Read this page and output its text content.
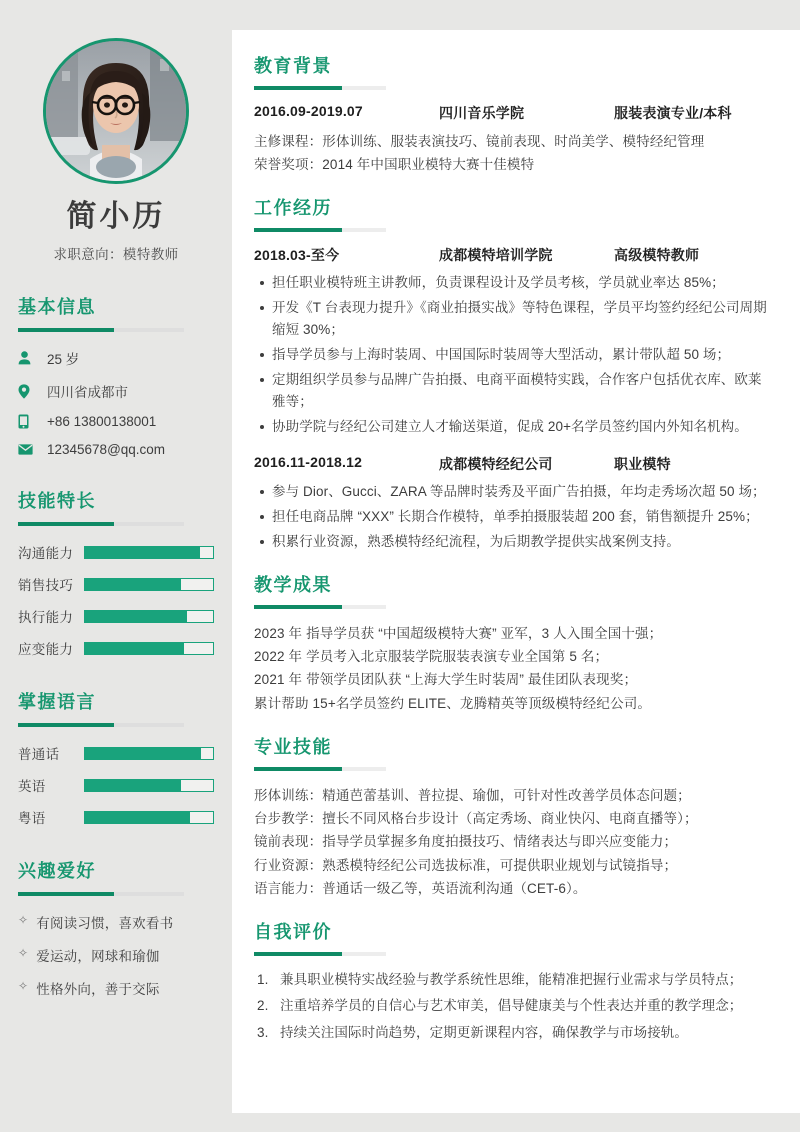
简小历
求职意向：模特教师
基本信息
25 岁
四川省成都市
+86 13800138001
12345678@qq.com
技能特长
沟通能力
销售技巧
执行能力
应变能力
掌握语言
普通话
英语
粤语
兴趣爱好
✧ 有阅读习惯，喜欢看书
✧ 爱运动，网球和瑜伽
✧ 性格外向，善于交际
教育背景
2016.09-2019.07	四川音乐学院	服装表演专业/本科
主修课程：形体训练、服装表演技巧、镜前表现、时尚美学、模特经纪管理
荣誉奖项：2014 年中国职业模特大赛十佳模特
工作经历
2018.03-至今	成都模特培训学院	高级模特教师
担任职业模特班主讲教师，负责课程设计及学员考核，学员就业率达 85%；
开发《T 台表现力提升》《商业拍摄实战》等特色课程，学员平均签约经纪公司周期缩短 30%；
指导学员参与上海时装周、中国国际时装周等大型活动，累计带队超 50 场；
定期组织学员参与品牌广告拍摄、电商平面模特实践，合作客户包括优衣库、欧莱雅等；
协助学院与经纪公司建立人才输送渠道，促成 20+名学员签约国内外知名机构。
2016.11-2018.12	成都模特经纪公司	职业模特
参与 Dior、Gucci、ZARA 等品牌时装秀及平面广告拍摄，年均走秀场次超 50 场；
担任电商品牌 “XXX” 长期合作模特，单季拍摄服装超 200 套，销售额提升 25%；
积累行业资源，熟悉模特经纪流程，为后期教学提供实战案例支持。
教学成果
2023 年 指导学员获 “中国超级模特大赛” 亚军，3 人入围全国十强；
2022 年 学员考入北京服装学院服装表演专业全国第 5 名；
2021 年 带领学员团队获 “上海大学生时装周” 最佳团队表现奖；
累计帮助 15+名学员签约 ELITE、龙腾精英等顶级模特经纪公司。
专业技能
形体训练：精通芭蕾基训、普拉提、瑜伽，可针对性改善学员体态问题；
台步教学：擅长不同风格台步设计（高定秀场、商业快闪、电商直播等）；
镜前表现：指导学员掌握多角度拍摄技巧、情绪表达与即兴应变能力；
行业资源：熟悉模特经纪公司选拔标准，可提供职业规划与试镜指导；
语言能力：普通话一级乙等，英语流利沟通（CET-6）。
自我评价
兼具职业模特实战经验与教学系统性思维，能精准把握行业需求与学员特点；
注重培养学员的自信心与艺术审美，倡导健康美与个性表达并重的教学理念；
持续关注国际时尚趋势，定期更新课程内容，确保教学与市场接轨。
